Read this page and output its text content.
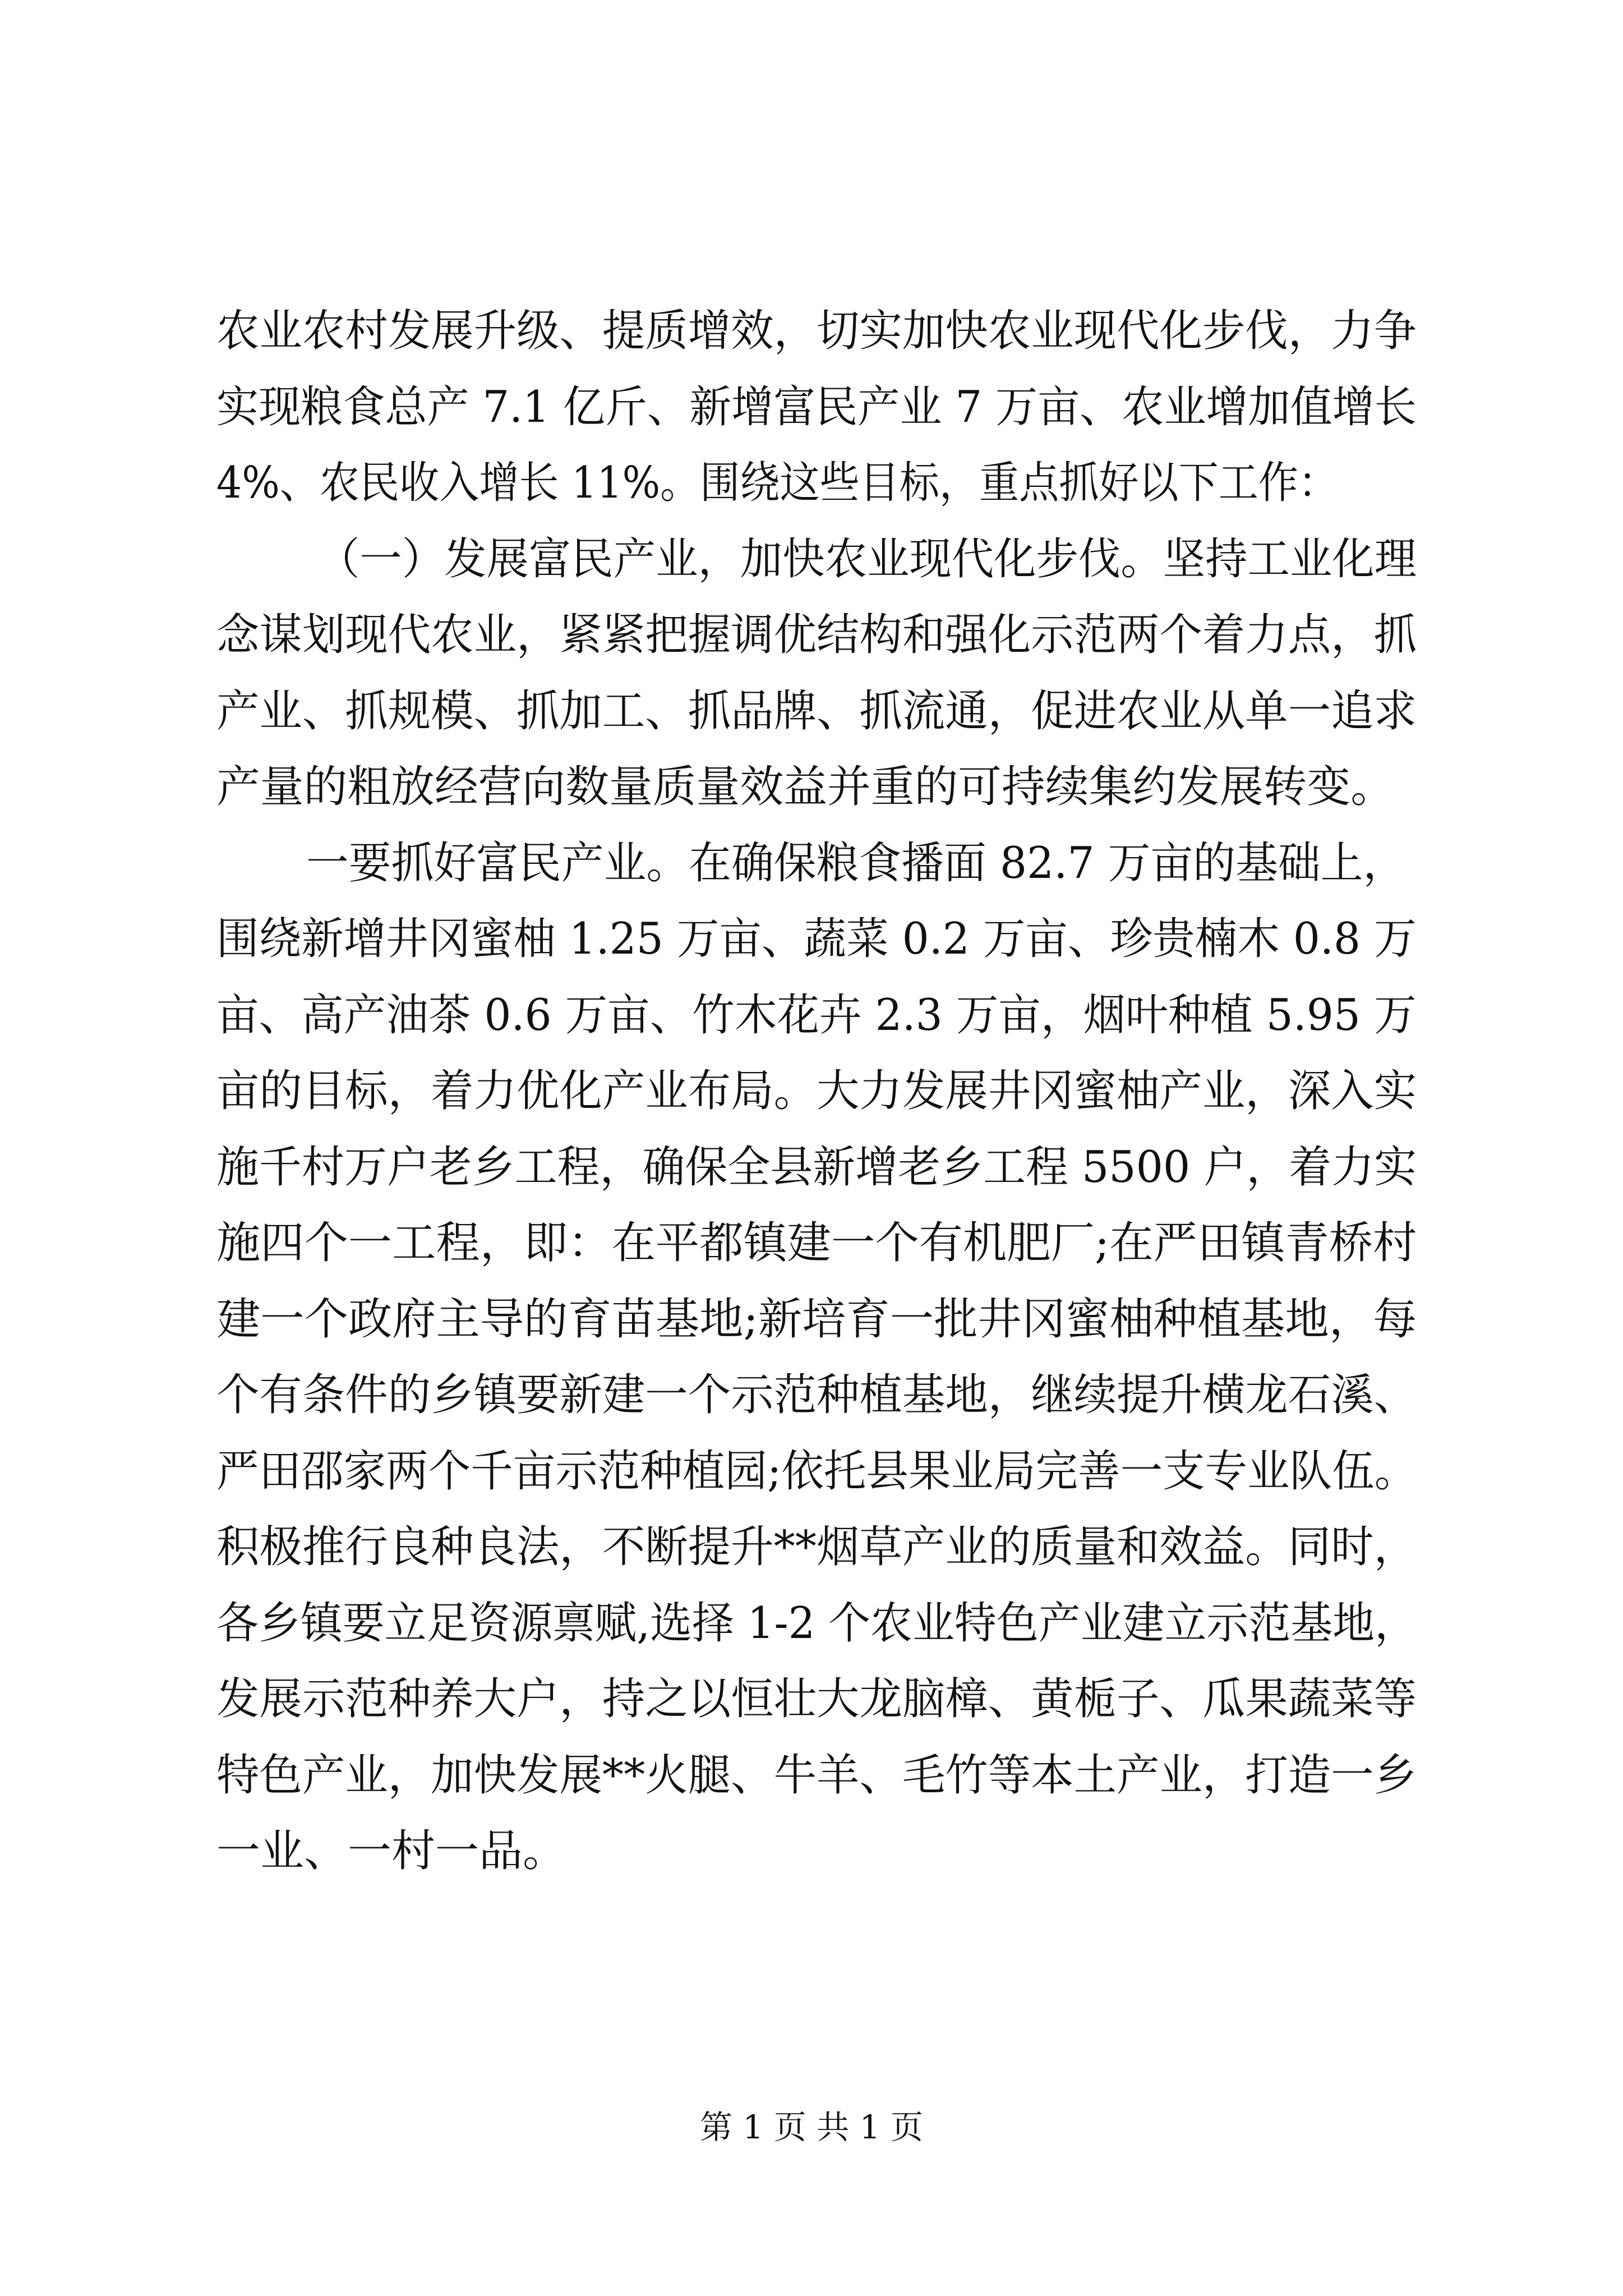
农业农村发展升级、提质增效，切实加快农业现代化步伐，力争
实现粮食总产 7.1 亿斤、新增富民产业 7 万亩、农业增加值增长
4%、农民收入增长 11%。围绕这些目标，重点抓好以下工作：
（一）发展富民产业，加快农业现代化步伐。坚持工业化理
念谋划现代农业，紧紧把握调优结构和强化示范两个着力点，抓
产业、抓规模、抓加工、抓品牌、抓流通，促进农业从单一追求
产量的粗放经营向数量质量效益并重的可持续集约发展转变。
一要抓好富民产业。在确保粮食播面 82.7 万亩的基础上，
围绕新增井冈蜜柚 1.25 万亩、蔬菜 0.2 万亩、珍贵楠木 0.8 万
亩、高产油茶 0.6 万亩、竹木花卉 2.3 万亩，烟叶种植 5.95 万
亩的目标，着力优化产业布局。大力发展井冈蜜柚产业，深入实
施千村万户老乡工程，确保全县新增老乡工程 5500 户，着力实
施四个一工程，即：在平都镇建一个有机肥厂;在严田镇青桥村
建一个政府主导的育苗基地;新培育一批井冈蜜柚种植基地，每
个有条件的乡镇要新建一个示范种植基地，继续提升横龙石溪、
严田邵家两个千亩示范种植园;依托县果业局完善一支专业队伍。
积极推行良种良法，不断提升**烟草产业的质量和效益。同时，
各乡镇要立足资源禀赋,选择 1-2 个农业特色产业建立示范基地，
发展示范种养大户，持之以恒壮大龙脑樟、黄栀子、瓜果蔬菜等
特色产业，加快发展**火腿、牛羊、毛竹等本土产业，打造一乡
一业、一村一品。
第 1 页 共 1 页
